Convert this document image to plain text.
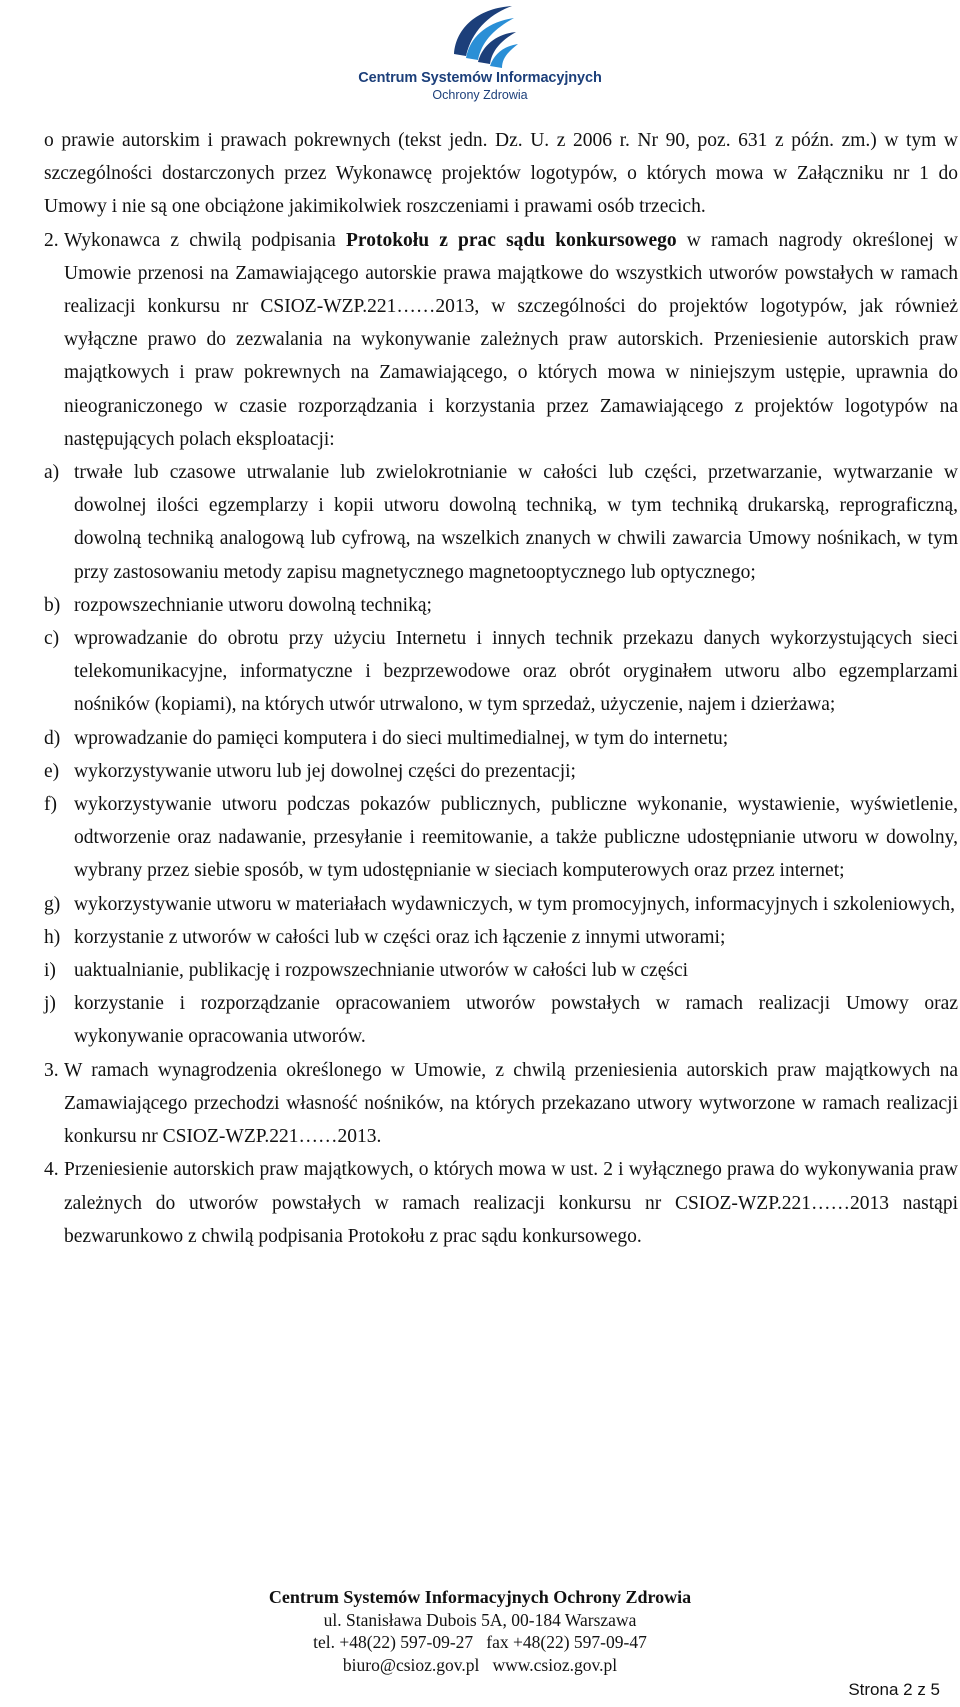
Centrum Systemów Informacyjnych
Ochrony Zdrowia

o prawie autorskim i prawach pokrewnych (tekst jedn. Dz. U. z 2006 r. Nr 90, poz. 631 z późn. zm.) w tym w szczególności dostarczonych przez Wykonawcę projektów logotypów, o których mowa w Załączniku nr 1 do Umowy i nie są one obciążone jakimikolwiek roszczeniami i prawami osób trzecich.

2. Wykonawca z chwilą podpisania Protokołu z prac sądu konkursowego w ramach nagrody określonej w Umowie przenosi na Zamawiającego autorskie prawa majątkowe do wszystkich utworów powstałych w ramach realizacji konkursu nr CSIOZ-WZP.221……2013, w szczególności do projektów logotypów, jak również wyłączne prawo do zezwalania na wykonywanie zależnych praw autorskich. Przeniesienie autorskich praw majątkowych i praw pokrewnych na Zamawiającego, o których mowa w niniejszym ustępie, uprawnia do nieograniczonego w czasie rozporządzania i korzystania przez Zamawiającego z projektów logotypów na następujących polach eksploatacji:
a) trwałe lub czasowe utrwalanie lub zwielokrotnianie w całości lub części, przetwarzanie, wytwarzanie w dowolnej ilości egzemplarzy i kopii utworu dowolną techniką, w tym techniką drukarską, reprograficzną, dowolną techniką analogową lub cyfrową, na wszelkich znanych w chwili zawarcia Umowy nośnikach, w tym przy zastosowaniu metody zapisu magnetycznego magnetooptycznego lub optycznego;
b) rozpowszechnianie utworu dowolną techniką;
c) wprowadzanie do obrotu przy użyciu Internetu i innych technik przekazu danych wykorzystujących sieci telekomunikacyjne, informatyczne i bezprzewodowe oraz obrót oryginałem utworu albo egzemplarzami nośników (kopiami), na których utwór utrwalono, w tym sprzedaż, użyczenie, najem i dzierżawa;
d) wprowadzanie do pamięci komputera i do sieci multimedialnej, w tym do internetu;
e) wykorzystywanie utworu lub jej dowolnej części do prezentacji;
f) wykorzystywanie utworu podczas pokazów publicznych, publiczne wykonanie, wystawienie, wyświetlenie, odtworzenie oraz nadawanie, przesyłanie i reemitowanie, a także publiczne udostępnianie utworu w dowolny, wybrany przez siebie sposób, w tym udostępnianie w sieciach komputerowych oraz przez internet;
g) wykorzystywanie utworu w materiałach wydawniczych, w tym promocyjnych, informacyjnych i szkoleniowych,
h) korzystanie z utworów w całości lub w części oraz ich łączenie z innymi utworami;
i) uaktualnianie, publikację i rozpowszechnianie utworów w całości lub w części
j) korzystanie i rozporządzanie opracowaniem utworów powstałych w ramach realizacji Umowy oraz wykonywanie opracowania utworów.
3. W ramach wynagrodzenia określonego w Umowie, z chwilą przeniesienia autorskich praw majątkowych na Zamawiającego przechodzi własność nośników, na których przekazano utwory wytworzone w ramach realizacji konkursu nr CSIOZ-WZP.221……2013.
4. Przeniesienie autorskich praw majątkowych, o których mowa w ust. 2 i wyłącznego prawa do wykonywania praw zależnych do utworów powstałych w ramach realizacji konkursu nr CSIOZ-WZP.221……2013 nastąpi bezwarunkowo z chwilą podpisania Protokołu z prac sądu konkursowego.
Centrum Systemów Informacyjnych Ochrony Zdrowia
ul. Stanisława Dubois 5A, 00-184 Warszawa
tel. +48(22) 597-09-27   fax +48(22) 597-09-47
biuro@csioz.gov.pl   www.csioz.gov.pl
Strona 2 z 5
